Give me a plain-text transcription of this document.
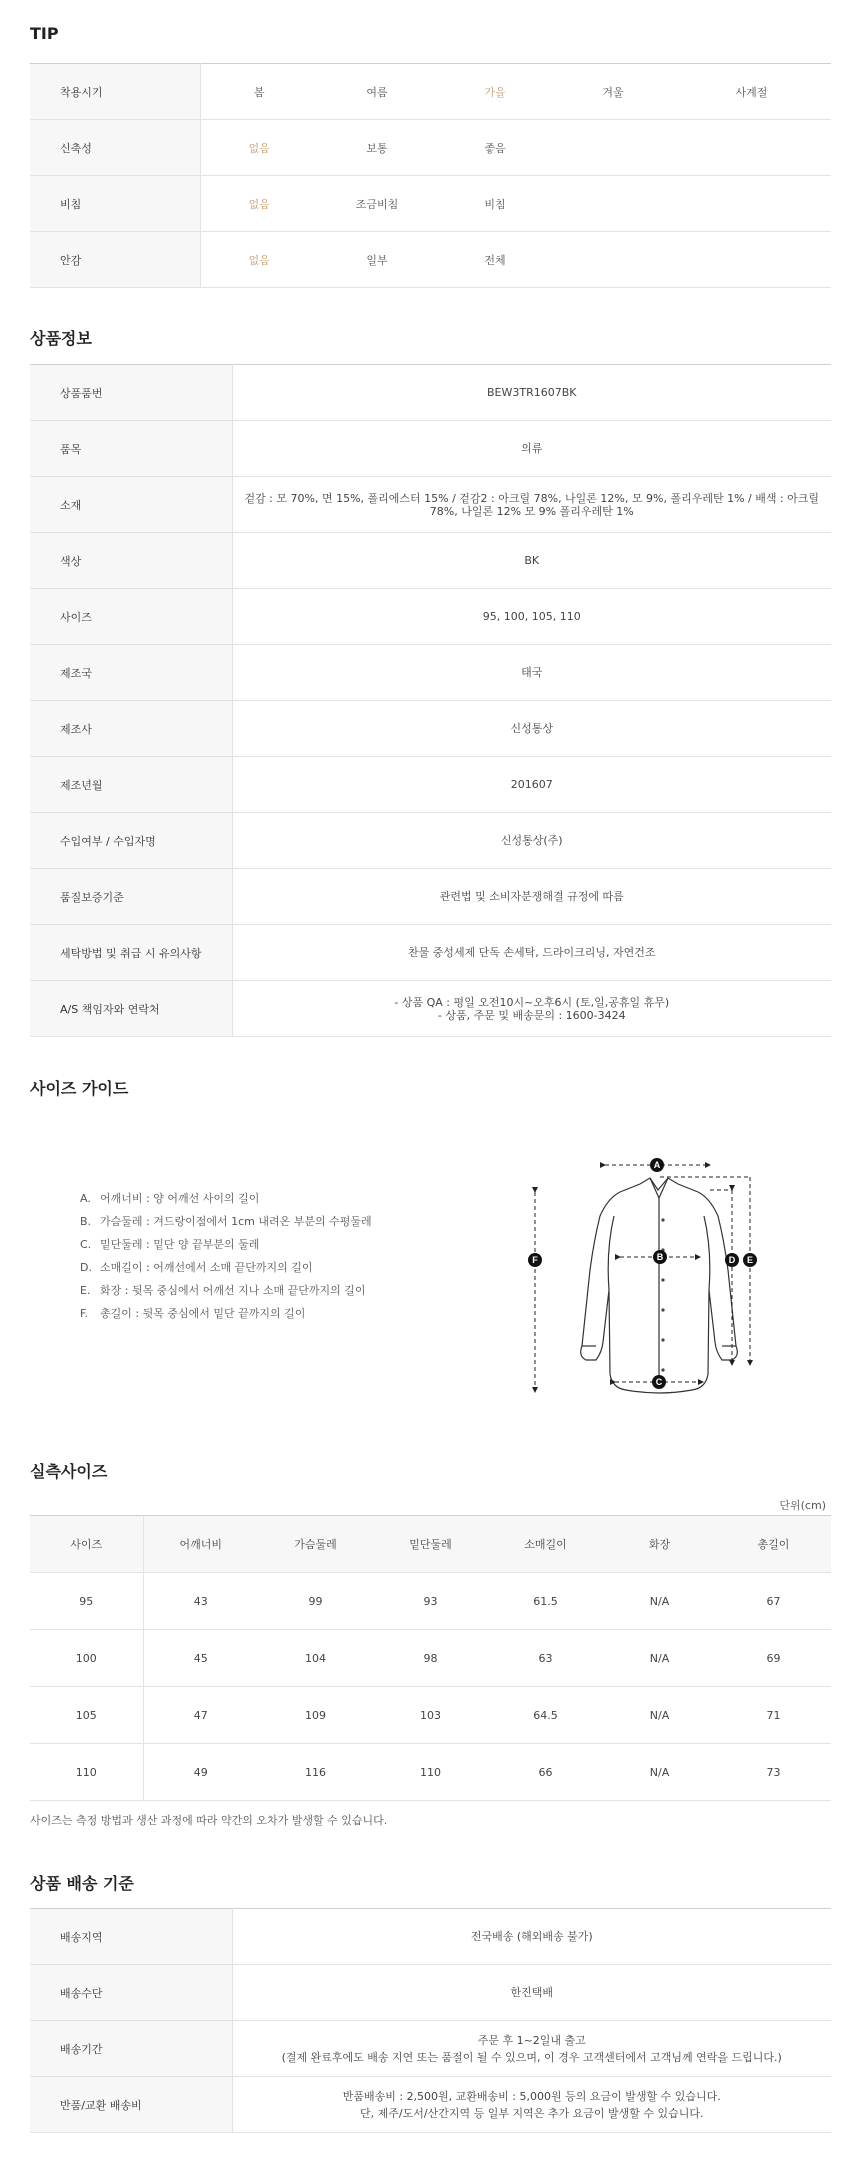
TIP
착용시기	봄	여름	가을	겨울	사계절
신축성	없음	보통	좋음		
비침	없음	조금비침	비침		
안감	없음	일부	전체		
상품정보
상품품번	BEW3TR1607BK
품목	의류
소재	겉감 : 모 70%, 면 15%, 폴리에스터 15% / 겉감2 : 아크릴 78%, 나일론 12%, 모 9%, 폴리우레탄 1% / 배색 : 아크릴 78%, 나일론 12% 모 9% 폴리우레탄 1%
색상	BK
사이즈	95, 100, 105, 110
제조국	태국
제조사	신성통상
제조년월	201607
수입여부 / 수입자명	신성통상(주)
품질보증기준	관련법 및 소비자분쟁해결 규정에 따름
세탁방법 및 취급 시 유의사항	찬물 중성세제 단독 손세탁, 드라이크리닝, 자연건조
A/S 책임자와 연락처	- 상품 QA : 평일 오전10시~오후6시 (토,일,공휴일 휴무)
- 상품, 주문 및 배송문의 : 1600-3424
사이즈 가이드
A. 어깨너비 : 양 어깨선 사이의 길이
B. 가슴둘레 : 겨드랑이점에서 1cm 내려온 부분의 수평둘레
C. 밑단둘레 : 밑단 양 끝부분의 둘레
D. 소매길이 : 어깨선에서 소매 끝단까지의 길이
E. 화장 : 뒷목 중심에서 어깨선 지나 소매 끝단까지의 길이
F. 총길이 : 뒷목 중심에서 밑단 끝까지의 길이
A
B
C
D E
F
실측사이즈
단위(cm)
사이즈	어깨너비	가슴둘레	밑단둘레	소매길이	화장	총길이
95	43	99	93	61.5	N/A	67
100	45	104	98	63	N/A	69
105	47	109	103	64.5	N/A	71
110	49	116	110	66	N/A	73
사이즈는 측정 방법과 생산 과정에 따라 약간의 오차가 발생할 수 있습니다.
상품 배송 기준
배송지역	전국배송 (해외배송 불가)
배송수단	한진택배
배송기간	주문 후 1~2일내 출고
(결제 완료후에도 배송 지연 또는 품절이 될 수 있으며, 이 경우 고객센터에서 고객님께 연락을 드립니다.)
반품/교환 배송비	반품배송비 : 2,500원, 교환배송비 : 5,000원 등의 요금이 발생할 수 있습니다.
단, 제주/도서/산간지역 등 일부 지역은 추가 요금이 발생할 수 있습니다.
